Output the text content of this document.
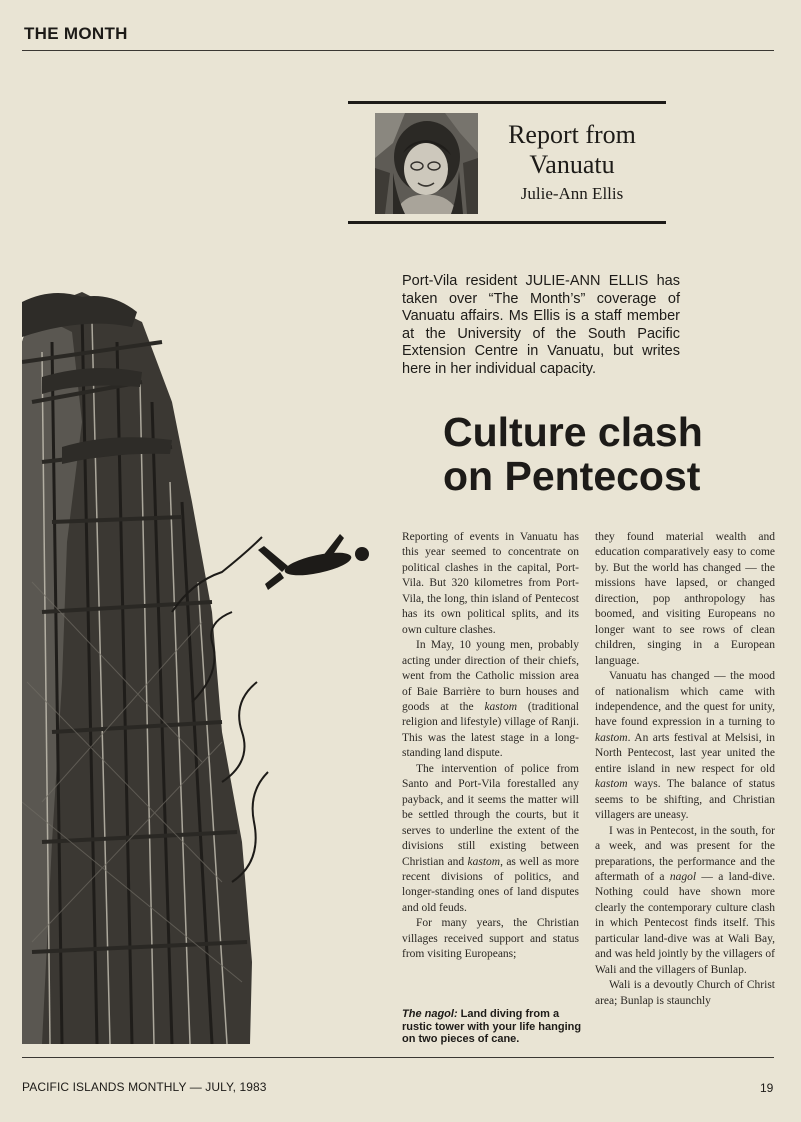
THE MONTH
Report from
Vanuatu
Julie-Ann Ellis
Port-Vila resident JULIE-ANN ELLIS has taken over “The Month’s” coverage of Vanuatu affairs. Ms Ellis is a staff member at the University of the South Pacific Extension Centre in Vanuatu, but writes here in her individual capacity.
Culture clash
on Pentecost

Reporting of events in Vanuatu has this year seemed to concentrate on political clashes in the capital, Port-Vila. But 320 kilometres from Port-Vila, the long, thin island of Pentecost has its own political splits, and its own culture clashes.

In May, 10 young men, probably acting under direction of their chiefs, went from the Catholic mission area of Baie Barrière to burn houses and goods at the kastom (traditional religion and lifestyle) village of Ranji. This was the latest stage in a long-standing land dispute.

The intervention of police from Santo and Port-Vila forestalled any payback, and it seems the matter will be settled through the courts, but it serves to underline the extent of the divisions still existing between Christian and kastom, as well as more recent divisions of politics, and longer-standing ones of land disputes and old feuds.

For many years, the Christian villages received support and status from visiting Europeans;

The nagol: Land diving from a rustic tower with your life hanging on two pieces of cane.

they found material wealth and education comparatively easy to come by. But the world has changed — the missions have lapsed, or changed direction, pop anthropology has boomed, and visiting Europeans no longer want to see rows of clean children, singing in a European language.

Vanuatu has changed — the mood of nationalism which came with independence, and the quest for unity, have found expression in a turning to kastom. An arts festival at Melsisi, in North Pentecost, last year united the entire island in new respect for old kastom ways. The balance of status seems to be shifting, and Christian villagers are uneasy.

I was in Pentecost, in the south, for a week, and was present for the preparations, the performance and the aftermath of a nagol — a land-dive. Nothing could have shown more clearly the contemporary culture clash in which Pentecost finds itself. This particular land-dive was at Wali Bay, and was held jointly by the villagers of Wali and the villagers of Bunlap.

Wali is a devoutly Church of Christ area; Bunlap is staunchly

PACIFIC ISLANDS MONTHLY — JULY, 1983	19
